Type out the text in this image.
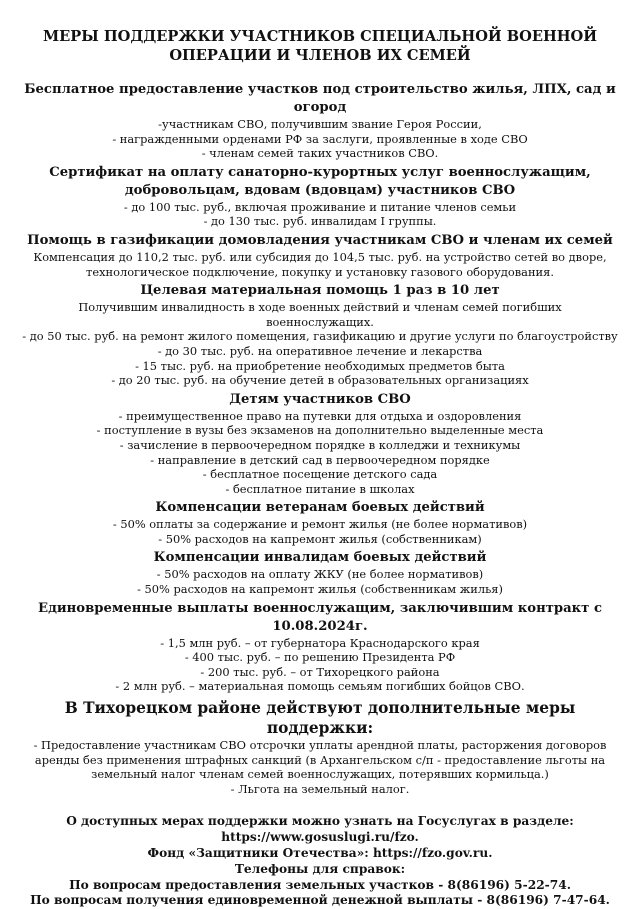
МЕРЫ ПОДДЕРЖКИ УЧАСТНИКОВ СПЕЦИАЛЬНОЙ ВОЕННОЙ
ОПЕРАЦИИ И ЧЛЕНОВ ИХ СЕМЕЙ
Бесплатное предоставление участков под строительство жилья, ЛПХ, сад и огород
-участникам СВО, получившим звание Героя России,
- награжденными орденами РФ за заслуги, проявленные в ходе СВО
- членам семей таких участников СВО.
Сертификат на оплату санаторно-курортных услуг военнослужащим,
добровольцам, вдовам (вдовцам) участников СВО
- до 100 тыс. руб., включая проживание и питание членов семьи
- до 130 тыс. руб. инвалидам I группы.
Помощь в газификации домовладения участникам СВО и членам их семей
Компенсация до 110,2 тыс. руб. или субсидия до 104,5 тыс. руб. на устройство сетей во дворе,
технологическое подключение, покупку и установку газового оборудования.
Целевая материальная помощь 1 раз в 10 лет
Получившим инвалидность в ходе военных действий и членам семей погибших
военнослужащих.
- до 50 тыс. руб. на ремонт жилого помещения, газификацию и другие услуги по благоустройству
- до 30 тыс. руб. на оперативное лечение и лекарства
- 15 тыс. руб. на приобретение необходимых предметов быта
- до 20 тыс. руб. на обучение детей в образовательных организациях
Детям участников СВО
- преимущественное право на путевки для отдыха и оздоровления
- поступление в вузы без экзаменов на дополнительно выделенные места
- зачисление в первоочередном порядке в колледжи и техникумы
- направление в детский сад в первоочередном порядке
- бесплатное посещение детского сада
- бесплатное питание в школах
Компенсации ветеранам боевых действий
- 50% оплаты за содержание и ремонт жилья (не более нормативов)
- 50% расходов на капремонт жилья (собственникам)
Компенсации инвалидам боевых действий
- 50% расходов на оплату ЖКУ (не более нормативов)
- 50% расходов на капремонт жилья (собственникам жилья)
Единовременные выплаты военнослужащим, заключившим контракт с
10.08.2024г.
- 1,5 млн руб. – от губернатора Краснодарского края
- 400 тыс. руб. – по решению Президента РФ
- 200 тыс. руб. – от Тихорецкого района
- 2 млн руб. – материальная помощь семьям погибших бойцов СВО.
В Тихорецком районе действуют дополнительные меры поддержки:
- Предоставление участникам СВО отсрочки уплаты арендной платы, расторжения договоров
аренды без применения штрафных санкций (в Архангельском с/п - предоставление льготы на
земельный налог членам семей военнослужащих, потерявших кормильца.)
- Льгота на земельный налог.
О доступных мерах поддержки можно узнать на Госуслугах в разделе:
https://www.gosuslugi.ru/fzo.
Фонд «Защитники Отечества»: https://fzo.gov.ru.
Телефоны для справок:
По вопросам предоставления земельных участков - 8(86196) 5-22-74.
По вопросам получения единовременной денежной выплаты - 8(86196) 7-47-64.
